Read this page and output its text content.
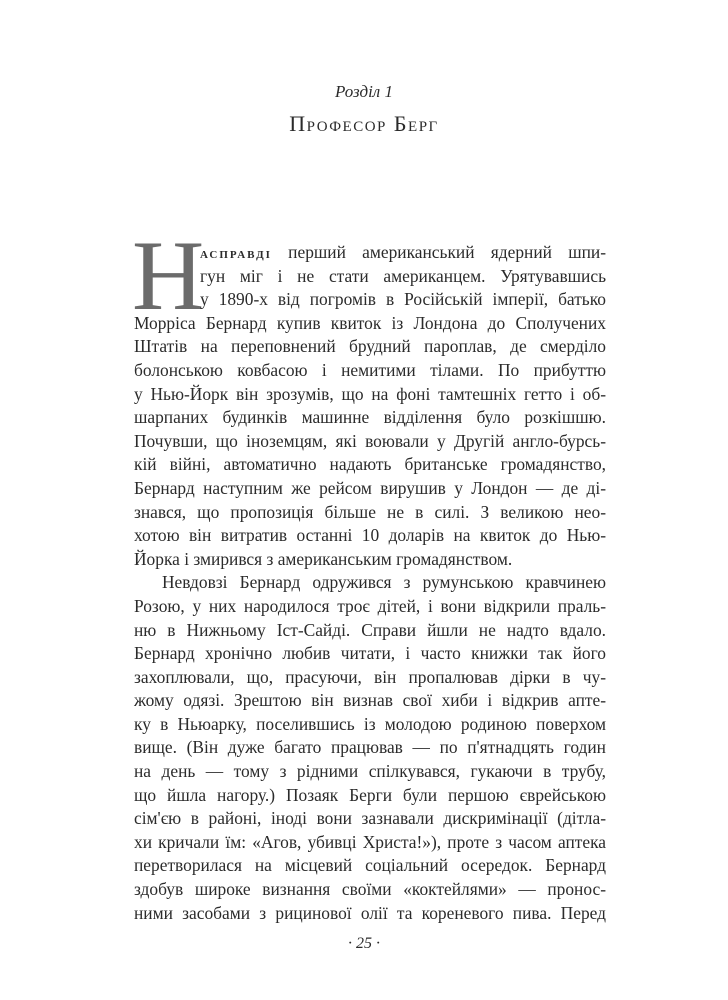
Розділ 1
Професор Берг
Н
асправді перший американський ядерний шпи-
гун міг і не стати американцем. Урятувавшись
у 1890-х від погромів в Російській імперії, батько
Морріса Бернард купив квиток із Лондона до Сполучених
Штатів на переповнений брудний пароплав, де смерділо
болонською ковбасою і немитими тілами. По прибуттю
у Нью-Йорк він зрозумів, що на фоні тамтешніх гетто і об-
шарпаних будинків машинне відділення було розкішшю.
Почувши, що іноземцям, які воювали у Другій англо-бурсь-
кій війні, автоматично надають британське громадянство,
Бернард наступним же рейсом вирушив у Лондон — де ді-
знався, що пропозиція більше не в силі. З великою нео-
хотою він витратив останні 10 доларів на квиток до Нью-
Йорка і змирився з американським громадянством.
Невдовзі Бернард одружився з румунською кравчинею
Розою, у них народилося троє дітей, і вони відкрили праль-
ню в Нижньому Іст-Сайді. Справи йшли не надто вдало.
Бернард хронічно любив читати, і часто книжки так його
захоплювали, що, прасуючи, він пропалював дірки в чу-
жому одязі. Зрештою він визнав свої хиби і відкрив апте-
ку в Ньюарку, поселившись із молодою родиною поверхом
вище. (Він дуже багато працював — по п'ятнадцять годин
на день — тому з рідними спілкувався, гукаючи в трубу,
що йшла нагору.) Позаяк Берги були першою єврейською
сім'єю в районі, іноді вони зазнавали дискримінації (дітла-
хи кричали їм: «Агов, убивці Христа!»), проте з часом аптека
перетворилася на місцевий соціальний осередок. Бернард
здобув широке визнання своїми «коктейлями» — пронос-
ними засобами з рицинової олії та кореневого пива. Перед
· 25 ·
